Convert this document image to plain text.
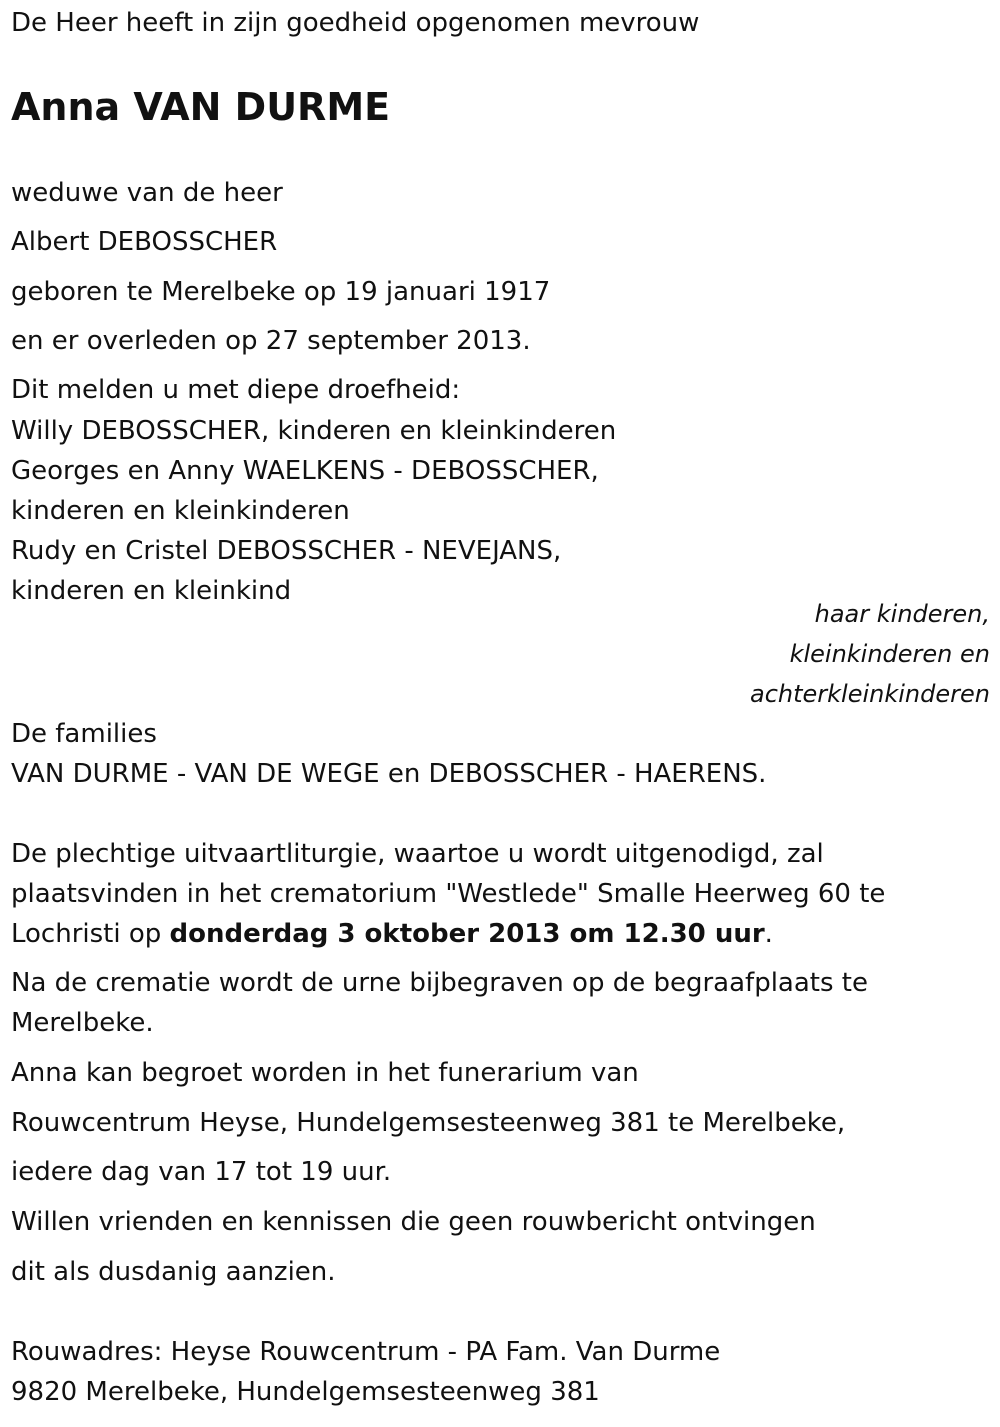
De Heer heeft in zijn goedheid opgenomen mevrouw
Anna VAN DURME
weduwe van de heer
Albert DEBOSSCHER
geboren te Merelbeke op 19 januari 1917
en er overleden op 27 september 2013.
Dit melden u met diepe droefheid:
Willy DEBOSSCHER, kinderen en kleinkinderen
Georges en Anny WAELKENS - DEBOSSCHER,
kinderen en kleinkinderen
Rudy en Cristel DEBOSSCHER - NEVEJANS,
kinderen en kleinkind
haar kinderen,
kleinkinderen en
achterkleinkinderen
De families
VAN DURME - VAN DE WEGE en DEBOSSCHER - HAERENS.
De plechtige uitvaartliturgie, waartoe u wordt uitgenodigd, zal
plaatsvinden in het crematorium "Westlede" Smalle Heerweg 60 te
Lochristi op donderdag 3 oktober 2013 om 12.30 uur.
Na de crematie wordt de urne bijbegraven op de begraafplaats te
Merelbeke.
Anna kan begroet worden in het funerarium van
Rouwcentrum Heyse, Hundelgemsesteenweg 381 te Merelbeke,
iedere dag van 17 tot 19 uur.
Willen vrienden en kennissen die geen rouwbericht ontvingen
dit als dusdanig aanzien.
Rouwadres: Heyse Rouwcentrum - PA Fam. Van Durme
9820 Merelbeke, Hundelgemsesteenweg 381
